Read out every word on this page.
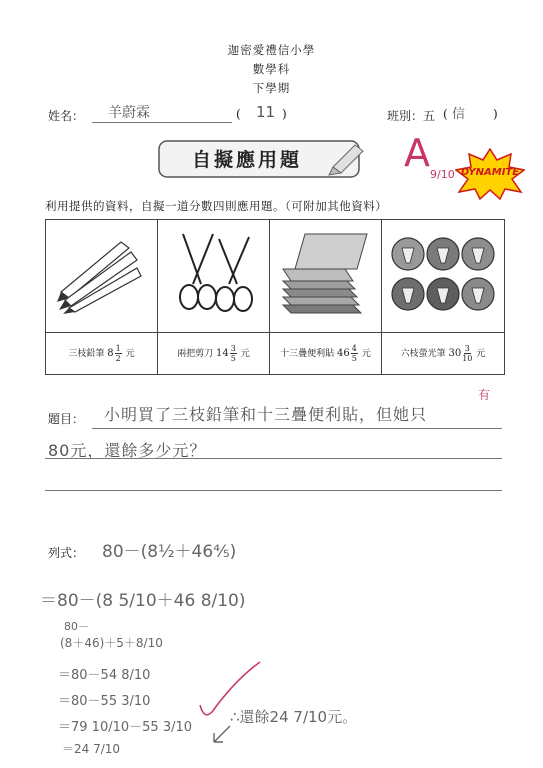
迦密愛禮信小學
數學科
下學期
姓名： 羊蔚霖	( 11 )	班別：五 ( 信 )
自擬應用題	A 9/10 DYNAMITE
利用提供的資料，自擬一道分數四則應用題。（可附加其他資料）

三枝鉛筆 $8 \frac{1}{2}$ 元	兩把剪刀 $14 \frac{3}{5}$ 元	十三疊便利貼 $46 \frac{4}{5}$ 元	六枝螢光筆 $30 \frac{3}{10}$ 元
題目： 小明買了三枝鉛筆和十三疊便利貼，但她只
有
80元，還餘多少元？
列式： 80－(8½＋46⅘)
＝80－(8 5/10＋46 8/10)
80－
(8＋46)＋5＋8/10
＝80－54 8/10
＝80－55 3/10
＝79 10/10－55 3/10
＝24 7/10
∴還餘24 7/10元。
